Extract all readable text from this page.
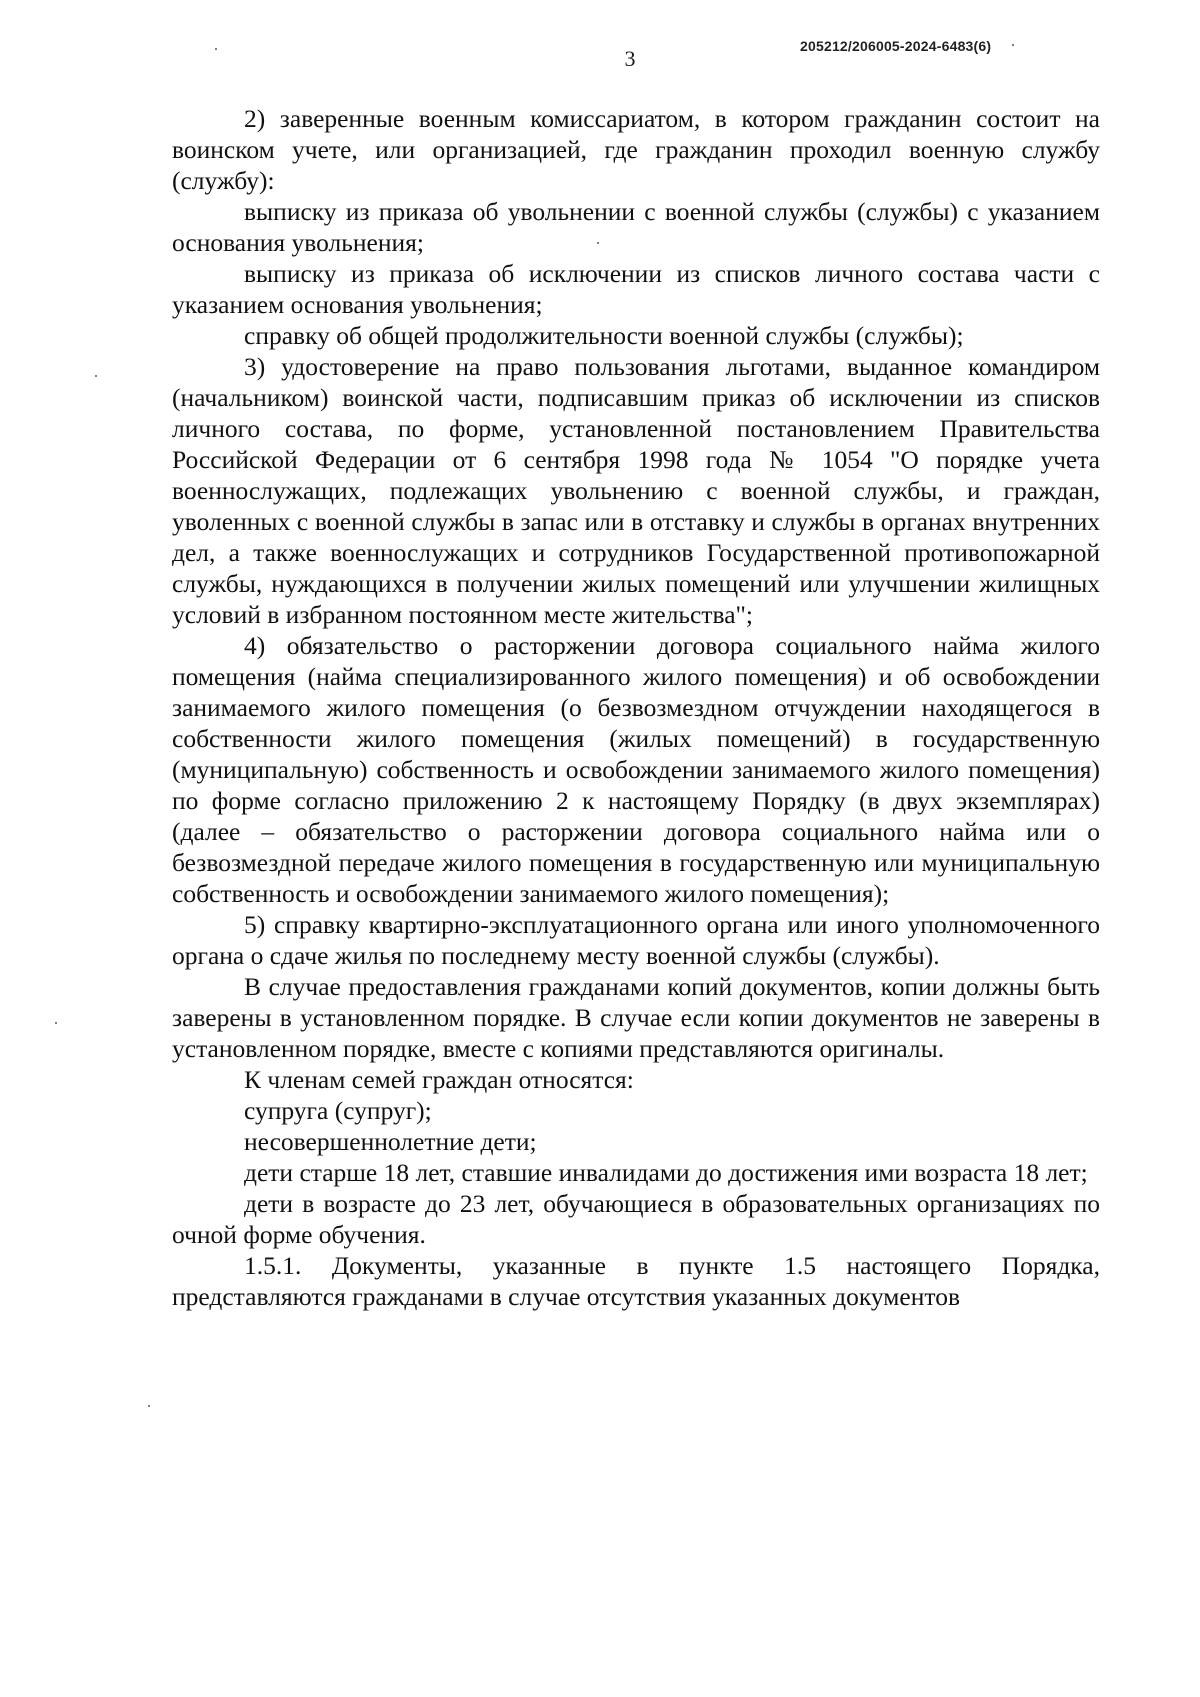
205212/206005-2024-6483(6)
3

2) заверенные военным комиссариатом, в котором гражданин состоит на воинском учете, или организацией, где гражданин проходил военную службу (службу):

выписку из приказа об увольнении с военной службы (службы) с указанием основания увольнения;

выписку из приказа об исключении из списков личного состава части с указанием основания увольнения;

справку об общей продолжительности военной службы (службы);

3) удостоверение на право пользования льготами, выданное командиром (начальником) воинской части, подписавшим приказ об исключении из списков личного состава, по форме, установленной постановлением Правительства Российской Федерации от 6 сентября 1998 года № 1054 "О порядке учета военнослужащих, подлежащих увольнению с военной службы, и граждан, уволенных с военной службы в запас или в отставку и службы в органах внутренних дел, а также военнослужащих и сотрудников Государственной противопожарной службы, нуждающихся в получении жилых помещений или улучшении жилищных условий в избранном постоянном месте жительства";

4) обязательство о расторжении договора социального найма жилого помещения (найма специализированного жилого помещения) и об освобождении занимаемого жилого помещения (о безвозмездном отчуждении находящегося в собственности жилого помещения (жилых помещений) в государственную (муниципальную) собственность и освобождении занимаемого жилого помещения) по форме согласно приложению 2 к настоящему Порядку (в двух экземплярах) (далее – обязательство о расторжении договора социального найма или о безвозмездной передаче жилого помещения в государственную или муниципальную собственность и освобождении занимаемого жилого помещения);

5) справку квартирно-эксплуатационного органа или иного уполномоченного органа о сдаче жилья по последнему месту военной службы (службы).

В случае предоставления гражданами копий документов, копии должны быть заверены в установленном порядке. В случае если копии документов не заверены в установленном порядке, вместе с копиями представляются оригиналы.

К членам семей граждан относятся:

супруга (супруг);

несовершеннолетние дети;

дети старше 18 лет, ставшие инвалидами до достижения ими возраста 18 лет;

дети в возрасте до 23 лет, обучающиеся в образовательных организациях по очной форме обучения.

1.5.1. Документы, указанные в пункте 1.5 настоящего Порядка, представляются гражданами в случае отсутствия указанных документов
